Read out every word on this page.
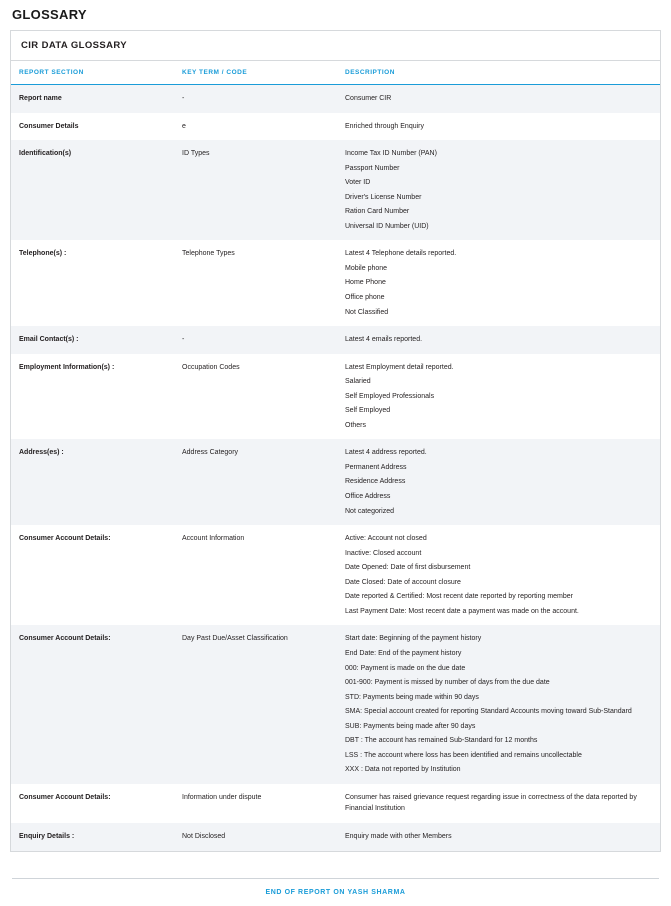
GLOSSARY
CIR DATA GLOSSARY
REPORT SECTION	KEY TERM / CODE	DESCRIPTION
Report name	-	Consumer CIR

Consumer Details	e	Enriched through Enquiry

Identification(s)	ID Types	Income Tax ID Number (PAN)
Passport Number
Voter ID
Driver's License Number
Ration Card Number
Universal ID Number (UID)

Telephone(s) :	Telephone Types	Latest 4 Telephone details reported.
Mobile phone
Home Phone
Office phone
Not Classified

Email Contact(s) :	-	Latest 4 emails reported.

Employment Information(s) :	Occupation Codes	Latest Employment detail reported.
Salaried
Self Employed Professionals
Self Employed
Others

Address(es) :	Address Category	Latest 4 address reported.
Permanent Address
Residence Address
Office Address
Not categorized

Consumer Account Details:	Account Information	Active: Account not closed
Inactive: Closed account
Date Opened: Date of first disbursement
Date Closed: Date of account closure
Date reported & Certified: Most recent date reported by reporting member
Last Payment Date: Most recent date a payment was made on the account.

Consumer Account Details:	Day Past Due/Asset Classification	Start date: Beginning of the payment history
End Date: End of the payment history
000: Payment is made on the due date
001-900: Payment is missed by number of days from the due date
STD: Payments being made within 90 days
SMA: Special account created for reporting Standard Accounts moving toward Sub-Standard
SUB: Payments being made after 90 days
DBT : The account has remained Sub-Standard for 12 months
LSS : The account where loss has been identified and remains uncollectable
XXX : Data not reported by Institution

Consumer Account Details:	Information under dispute	Consumer has raised grievance request regarding issue in correctness of the data reported by Financial Institution

Enquiry Details :	Not Disclosed	Enquiry made with other Members
END OF REPORT ON YASH SHARMA
